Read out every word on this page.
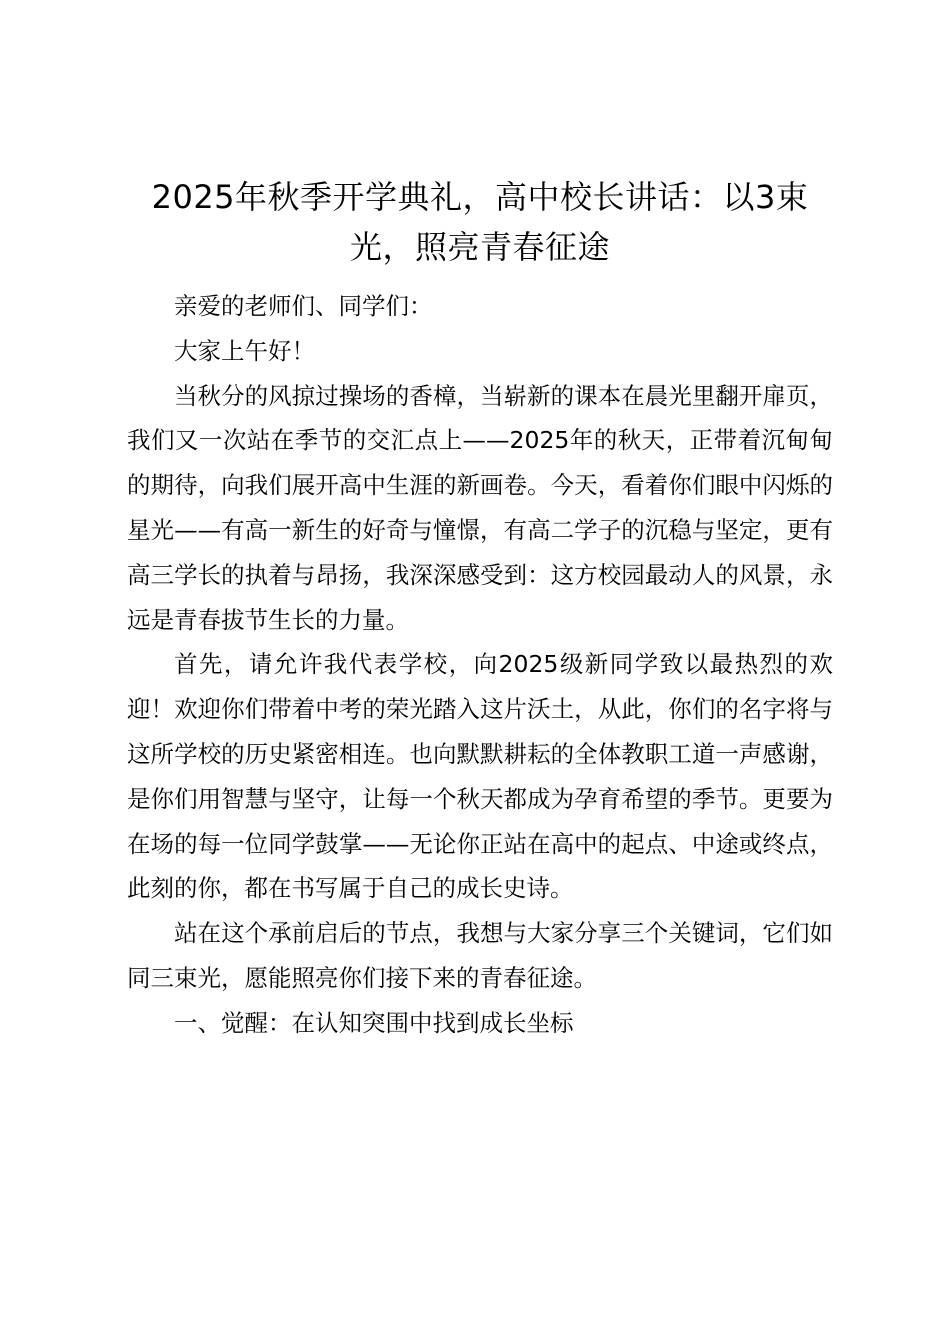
2025年秋季开学典礼，高中校长讲话：以3束光，照亮青春征途

亲爱的老师们、同学们：

大家上午好！

当秋分的风掠过操场的香樟，当崭新的课本在晨光里翻开扉页，我们又一次站在季节的交汇点上——2025年的秋天，正带着沉甸甸的期待，向我们展开高中生涯的新画卷。今天，看着你们眼中闪烁的星光——有高一新生的好奇与憧憬，有高二学子的沉稳与坚定，更有高三学长的执着与昂扬，我深深感受到：这方校园最动人的风景，永远是青春拔节生长的力量。

首先，请允许我代表学校，向2025级新同学致以最热烈的欢迎！欢迎你们带着中考的荣光踏入这片沃土，从此，你们的名字将与这所学校的历史紧密相连。也向默默耕耘的全体教职工道一声感谢，是你们用智慧与坚守，让每一个秋天都成为孕育希望的季节。更要为在场的每一位同学鼓掌——无论你正站在高中的起点、中途或终点，此刻的你，都在书写属于自己的成长史诗。

站在这个承前启后的节点，我想与大家分享三个关键词，它们如同三束光，愿能照亮你们接下来的青春征途。

一、觉醒：在认知突围中找到成长坐标
